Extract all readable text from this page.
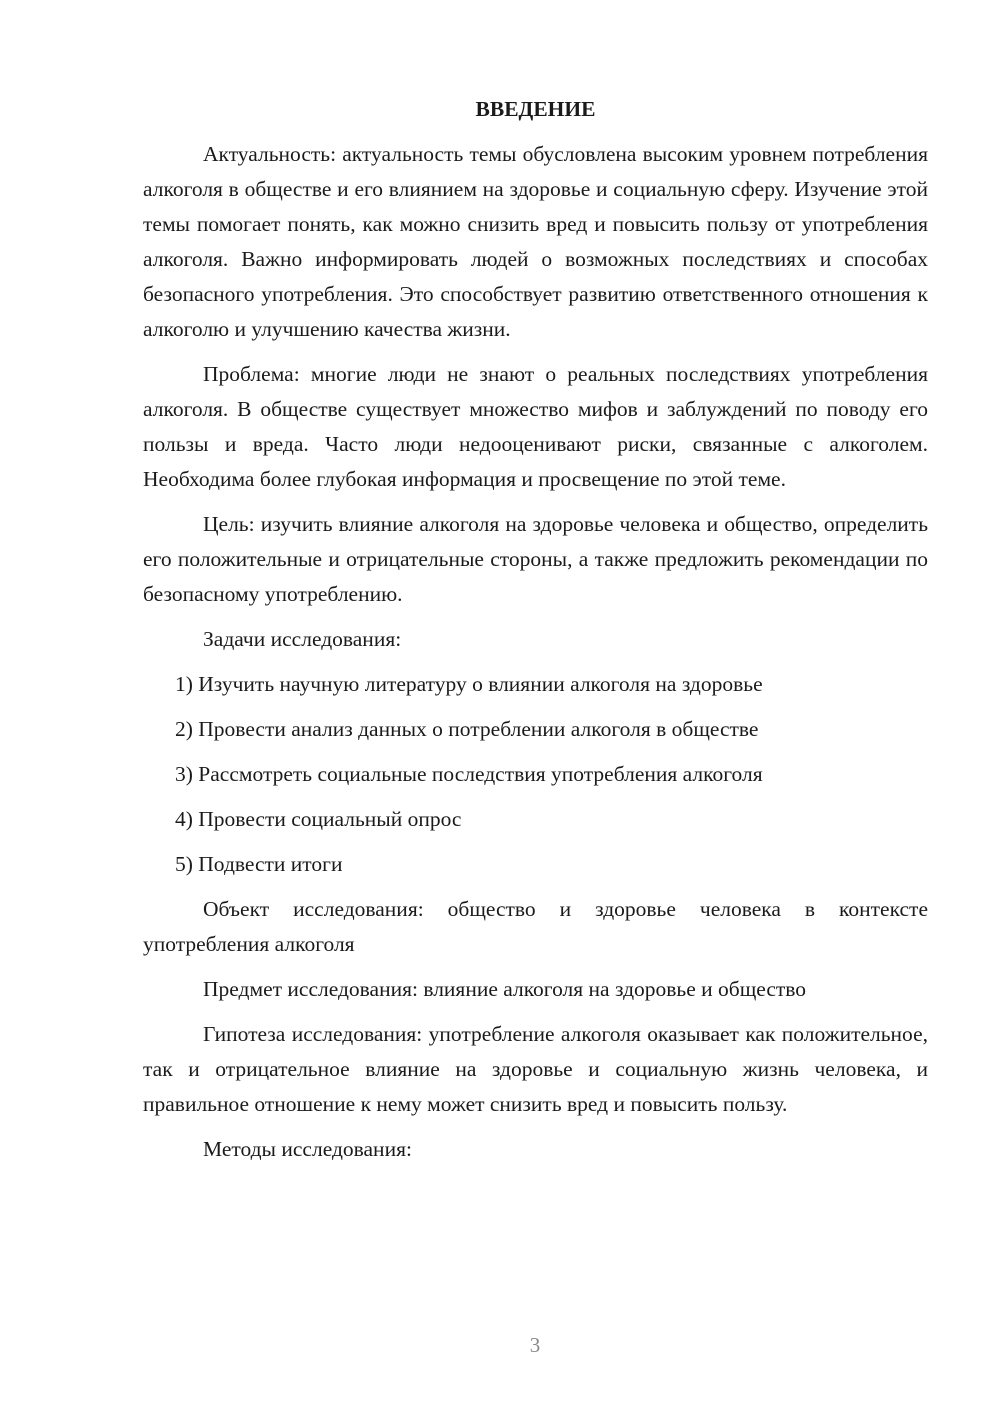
ВВЕДЕНИЕ

Актуальность: актуальность темы обусловлена высоким уровнем потребления алкоголя в обществе и его влиянием на здоровье и социальную сферу. Изучение этой темы помогает понять, как можно снизить вред и повысить пользу от употребления алкоголя. Важно информировать людей о возможных последствиях и способах безопасного употребления. Это способствует развитию ответственного отношения к алкоголю и улучшению качества жизни.

Проблема: многие люди не знают о реальных последствиях употребления алкоголя. В обществе существует множество мифов и заблуждений по поводу его пользы и вреда. Часто люди недооценивают риски, связанные с алкоголем. Необходима более глубокая информация и просвещение по этой теме.

Цель: изучить влияние алкоголя на здоровье человека и общество, определить его положительные и отрицательные стороны, а также предложить рекомендации по безопасному употреблению.

Задачи исследования:

1) Изучить научную литературу о влиянии алкоголя на здоровье
2) Провести анализ данных о потреблении алкоголя в обществе
3) Рассмотреть социальные последствия употребления алкоголя
4) Провести социальный опрос
5) Подвести итоги

Объект исследования: общество и здоровье человека в контексте употребления алкоголя

Предмет исследования: влияние алкоголя на здоровье и общество

Гипотеза исследования: употребление алкоголя оказывает как положительное, так и отрицательное влияние на здоровье и социальную жизнь человека, и правильное отношение к нему может снизить вред и повысить пользу.

Методы исследования:

3
